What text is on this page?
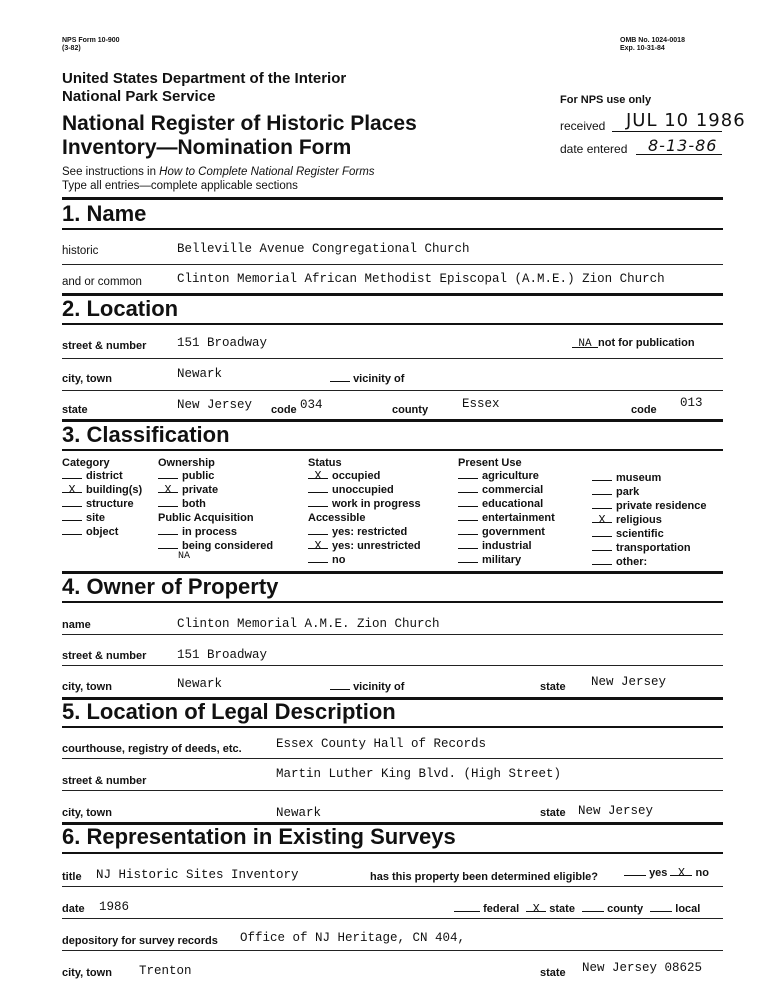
NPS Form 10-900
(3-82)
OMB No. 1024-0018
Exp. 10-31-84
United States Department of the Interior
National Park Service
National Register of Historic Places
Inventory—Nomination Form
See instructions in How to Complete National Register Forms
Type all entries—complete applicable sections
For NPS use only
received JUL 10 1986
date entered 8-13-86
1. Name
historic	Belleville Avenue Congregational Church
and or common	Clinton Memorial African Methodist Episcopal (A.M.E.) Zion Church
2. Location
street & number 151 Broadway	NA not for publication
city, town	Newark	vicinity of
state	New Jersey code 034	county	Essex	code 013
3. Classification
Category
district
X building(s)
structure
site
object
Ownership
public
X private
both
Public Acquisition
in process
being considered
NA
Status
X occupied
unoccupied
work in progress
Accessible
yes: restricted
X yes: unrestricted
no
Present Use
agriculture
commercial
educational
entertainment
government
industrial
military
museum
park
private residence
X religious
scientific
transportation
other:
4. Owner of Property
name	Clinton Memorial A.M.E. Zion Church
street & number 151 Broadway
city, town	Newark	vicinity of	state New Jersey
5. Location of Legal Description
courthouse, registry of deeds, etc.	Essex County Hall of Records
street & number	Martin Luther King Blvd. (High Street)
city, town	Newark	state New Jersey
6. Representation in Existing Surveys
title NJ Historic Sites Inventory	has this property been determined eligible?	yes X no
date 1986	federal X state	county	local
depository for survey records Office of NJ Heritage, CN 404,
city, town Trenton	state New Jersey 08625
